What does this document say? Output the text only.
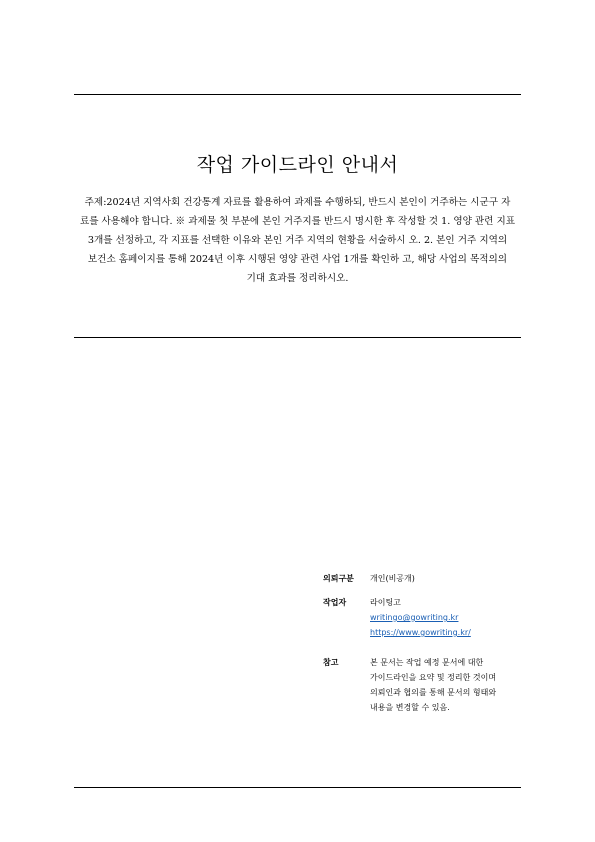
작업 가이드라인 안내서
주제:2024년 지역사회 건강통계 자료를 활용하여 과제를 수행하되, 반드시 본인이 거주하는 시군구 자 료를 사용해야 합니다. ※ 과제물 첫 부분에 본인 거주지를 반드시 명시한 후 작성할 것 1. 영양 관련 지표 3개를 선정하고, 각 지표를 선택한 이유와 본인 거주 지역의 현황을 서술하시 오. 2. 본인 거주 지역의 보건소 홈페이지를 통해 2024년 이후 시행된 영양 관련 사업 1개를 확인하 고, 해당 사업의 목적의의 기대 효과를 정리하시오.
의뢰구분	개인(비공개)
작업자	라이팅고
writingo@gowriting.kr
https://www.gowriting.kr/
참고	본 문서는 작업 예정 문서에 대한
가이드라인을 요약 및 정리한 것이며
의뢰인과 협의를 통해 문서의 형태와
내용을 변경할 수 있음.
